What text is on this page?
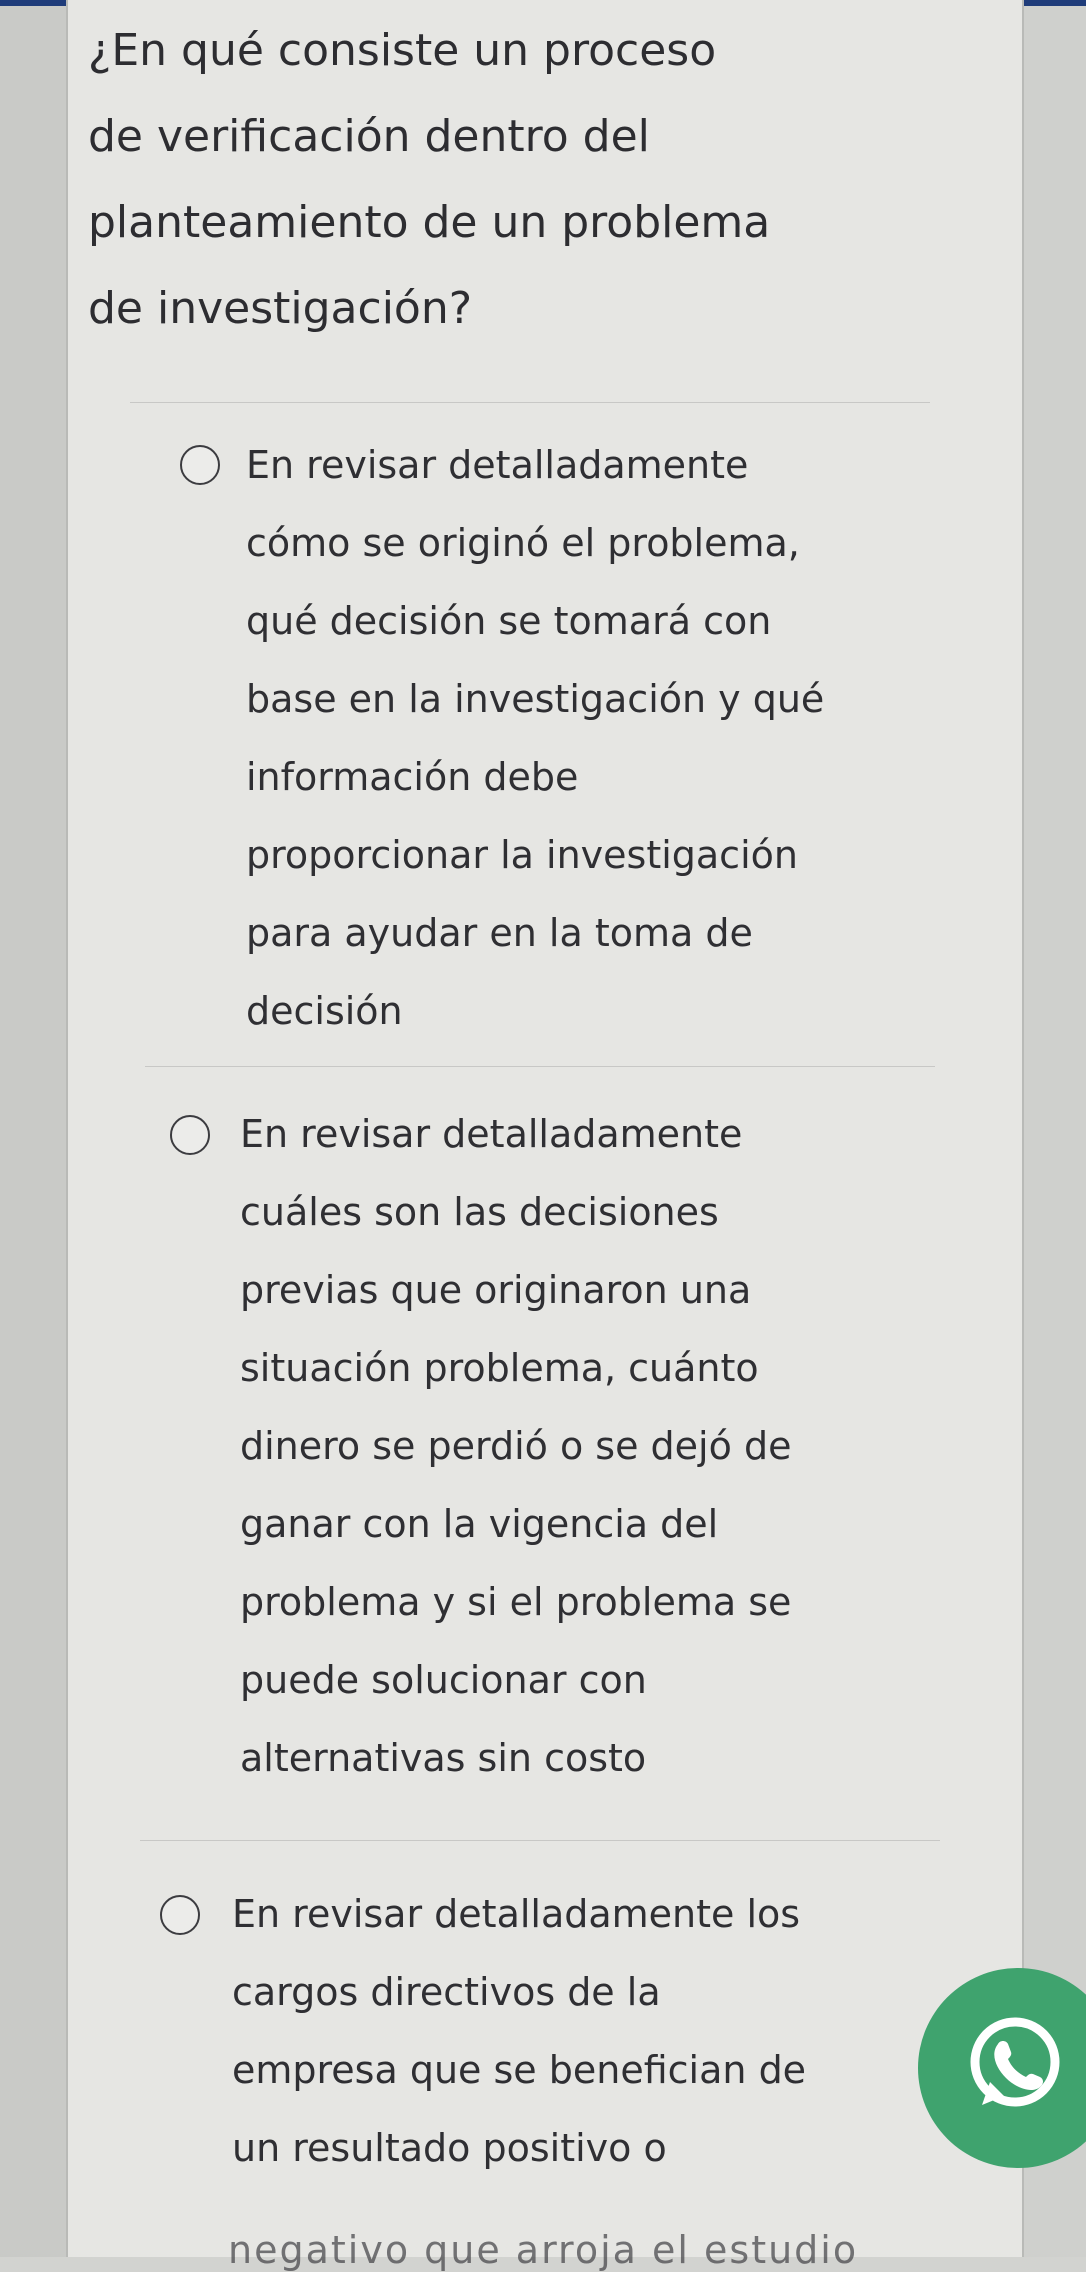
¿En qué consiste un proceso
de verificación dentro del
planteamiento de un problema
de investigación?
En revisar detalladamente
cómo se originó el problema,
qué decisión se tomará con
base en la investigación y qué
información debe
proporcionar la investigación
para ayudar en la toma de
decisión
En revisar detalladamente
cuáles son las decisiones
previas que originaron una
situación problema, cuánto
dinero se perdió o se dejó de
ganar con la vigencia del
problema y si el problema se
puede solucionar con
alternativas sin costo
En revisar detalladamente los
cargos directivos de la
empresa que se benefician de
un resultado positivo o
negativo que arroja el estudio
